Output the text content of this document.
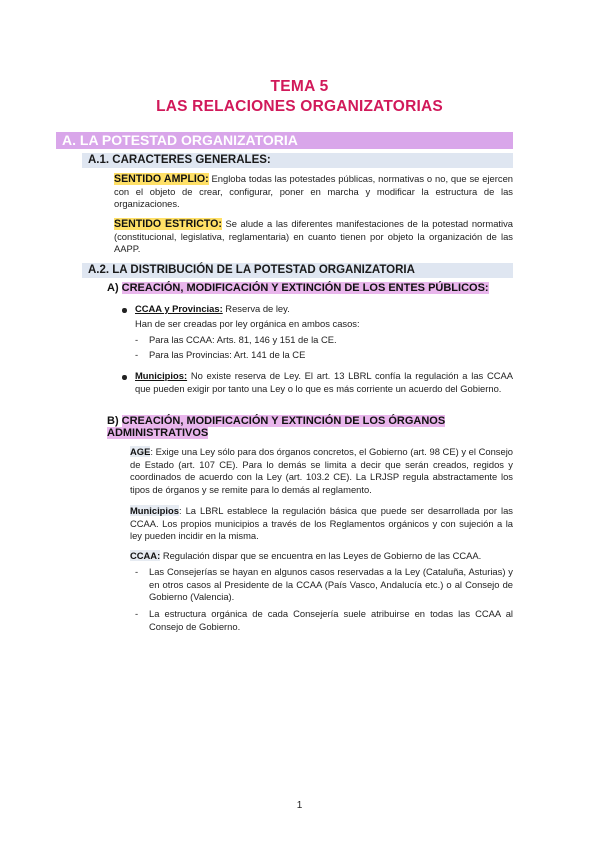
TEMA 5
LAS RELACIONES ORGANIZATORIAS
A. LA POTESTAD ORGANIZATORIA
A.1. CARACTERES GENERALES:
SENTIDO AMPLIO: Engloba todas las potestades públicas, normativas o no, que se ejercen con el objeto de crear, configurar, poner en marcha y modificar la estructura de las organizaciones.
SENTIDO ESTRICTO: Se alude a las diferentes manifestaciones de la potestad normativa (constitucional, legislativa, reglamentaria) en cuanto tienen por objeto la organización de las AAPP.
A.2. LA DISTRIBUCIÓN DE LA POTESTAD ORGANIZATORIA
A) CREACIÓN, MODIFICACIÓN Y EXTINCIÓN DE LOS ENTES PÚBLICOS:
CCAA y Provincias: Reserva de ley.
Han de ser creadas por ley orgánica en ambos casos:
- Para las CCAA: Arts. 81, 146 y 151 de la CE.
- Para las Provincias: Art. 141 de la CE
Municipios: No existe reserva de Ley. El art. 13 LBRL confía la regulación a las CCAA que pueden exigir por tanto una Ley o lo que es más corriente un acuerdo del Gobierno.
B) CREACIÓN, MODIFICACIÓN Y EXTINCIÓN DE LOS ÓRGANOS ADMINISTRATIVOS
AGE: Exige una Ley sólo para dos órganos concretos, el Gobierno (art. 98 CE) y el Consejo de Estado (art. 107 CE). Para lo demás se limita a decir que serán creados, regidos y coordinados de acuerdo con la Ley (art. 103.2 CE). La LRJSP regula abstractamente los tipos de órganos y se remite para lo demás al reglamento.
Municipios: La LBRL establece la regulación básica que puede ser desarrollada por las CCAA. Los propios municipios a través de los Reglamentos orgánicos y con sujeción a la ley pueden incidir en la misma.
CCAA: Regulación dispar que se encuentra en las Leyes de Gobierno de las CCAA.
- Las Consejerías se hayan en algunos casos reservadas a la Ley (Cataluña, Asturias) y en otros casos al Presidente de la CCAA (País Vasco, Andalucía etc.) o al Consejo de Gobierno (Valencia).
- La estructura orgánica de cada Consejería suele atribuirse en todas las CCAA al Consejo de Gobierno.
1
